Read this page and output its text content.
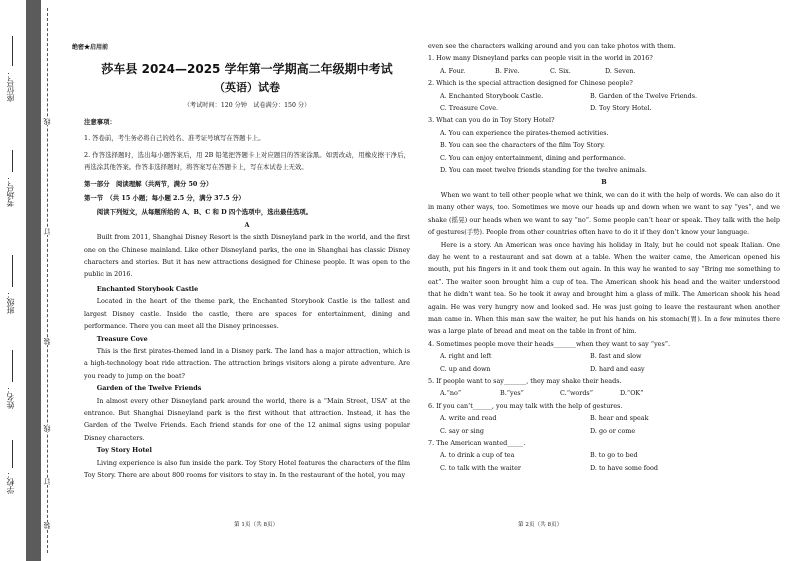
座位号：
考场号：
班级：
姓名：
学校：
线
订
装
线
订
装
绝密★启用前
莎车县 2024—2025 学年第一学期高二年级期中考试
（英语）试卷
（考试时间：120 分钟　试卷满分：150 分）

注意事项：

1. 答卷前，考生务必将自己的姓名、准考证号填写在答题卡上。

2. 作答选择题时，选出每小题答案后，用 2B 铅笔把答题卡上对应题目的答案涂黑。如需改动，用橡皮擦干净后，再选涂其他答案。作答非选择题时，将答案写在答题卡上，写在本试卷上无效。

第一部分　阅读理解（共两节，满分 50 分）

第一节　（共 15 小题；每小题 2.5 分，满分 37.5 分）

阅读下列短文，从每题所给的 A、B、C 和 D 四个选项中，选出最佳选项。

A

Built from 2011, Shanghai Disney Resort is the sixth Disneyland park in the world, and the first one on the Chinese mainland. Like other Disneyland parks, the one in Shanghai has classic Disney characters and stories. But it has new attractions designed for Chinese people. It was open to the public in 2016.

Enchanted Storybook Castle

Located in the heart of the theme park, the Enchanted Storybook Castle is the tallest and largest Disney castle. Inside the castle, there are spaces for entertainment, dining and performance. There you can meet all the Disney princesses.

Treasure Cove

This is the first pirates-themed land in a Disney park. The land has a major attraction, which is a high-technology boat ride attraction. The attraction brings visitors along a pirate adventure. Are you ready to jump on the boat?

Garden of the Twelve Friends

In almost every other Disneyland park around the world, there is a “Main Street, USA” at the entrance. But Shanghai Disneyland park is the first without that attraction. Instead, it has the Garden of the Twelve Friends. Each friend stands for one of the 12 animal signs using popular Disney characters.

Toy Story Hotel

Living experience is also fun inside the park. Toy Story Hotel features the characters of the film Toy Story. There are about 800 rooms for visitors to stay in. In the restaurant of the hotel, you may

第 1页（共 8页）

even see the characters walking around and you can take photos with them.

1. How many Disneyland parks can people visit in the world in 2016?

A. Four.	B. Five.	C. Six.	D. Seven.

2. Which is the special attraction designed for Chinese people?

A. Enchanted Storybook Castle.	B. Garden of the Twelve Friends.
C. Treasure Cove.	D. Toy Story Hotel.

3. What can you do in Toy Story Hotel?

A. You can experience the pirates-themed activities.

B. You can see the characters of the film Toy Story.

C. You can enjoy entertainment, dining and performance.

D. You can meet twelve friends standing for the twelve animals.

B

When we want to tell other people what we think, we can do it with the help of words. We can also do it in many other ways, too. Sometimes we move our heads up and down when we want to say “yes”, and we shake (摇晃) our heads when we want to say “no”. Some people can’t hear or speak. They talk with the help of gestures(手势). People from other countries often have to do it if they don’t know your language.

Here is a story. An American was once having his holiday in Italy, but he could not speak Italian. One day he went to a restaurant and sat down at a table. When the waiter came, the American opened his mouth, put his fingers in it and took them out again. In this way he wanted to say “Bring me something to eat”. The waiter soon brought him a cup of tea. The American shook his head and the waiter understood that he didn’t want tea. So he took it away and brought him a glass of milk. The American shook his head again. He was very hungry now and looked sad. He was just going to leave the restaurant when another man came in. When this man saw the waiter, he put his hands on his stomach(胃). In a few minutes there was a large plate of bread and meat on the table in front of him.

4. Sometimes people move their heads_______when they want to say “yes”.

A. right and left	B. fast and slow
C. up and down	D. hard and easy

5. If people want to say_______, they may shake their heads.

A.“no”	B.“yes”	C.“words”	D.“OK”

6. If you can’t______, you may talk with the help of gestures.

A. write and read	B. hear and speak
C. say or sing	D. go or come

7. The American wanted_____.

A. to drink a cup of tea	B. to go to bed
C. to talk with the waiter	D. to have some food
第 2页（共 8页）
